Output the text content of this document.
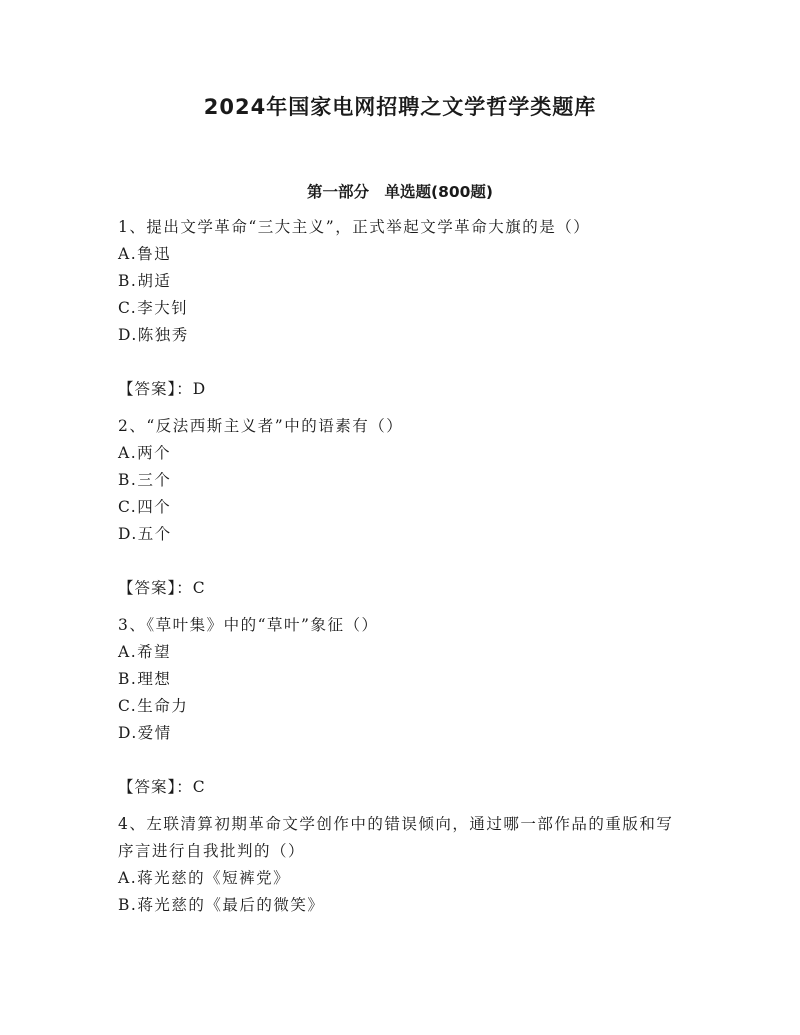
2024年国家电网招聘之文学哲学类题库
第一部分　单选题(800题)

1、提出文学革命“三大主义”，正式举起文学革命大旗的是（）

A.鲁迅

B.胡适

C.李大钊

D.陈独秀

【答案】：D

2、“反法西斯主义者”中的语素有（）

A.两个

B.三个

C.四个

D.五个

【答案】：C

3、《草叶集》中的“草叶”象征（）

A.希望

B.理想

C.生命力

D.爱情

【答案】：C

4、左联清算初期革命文学创作中的错误倾向，通过哪一部作品的重版和写序言进行自我批判的（）

A.蒋光慈的《短裤党》

B.蒋光慈的《最后的微笑》
